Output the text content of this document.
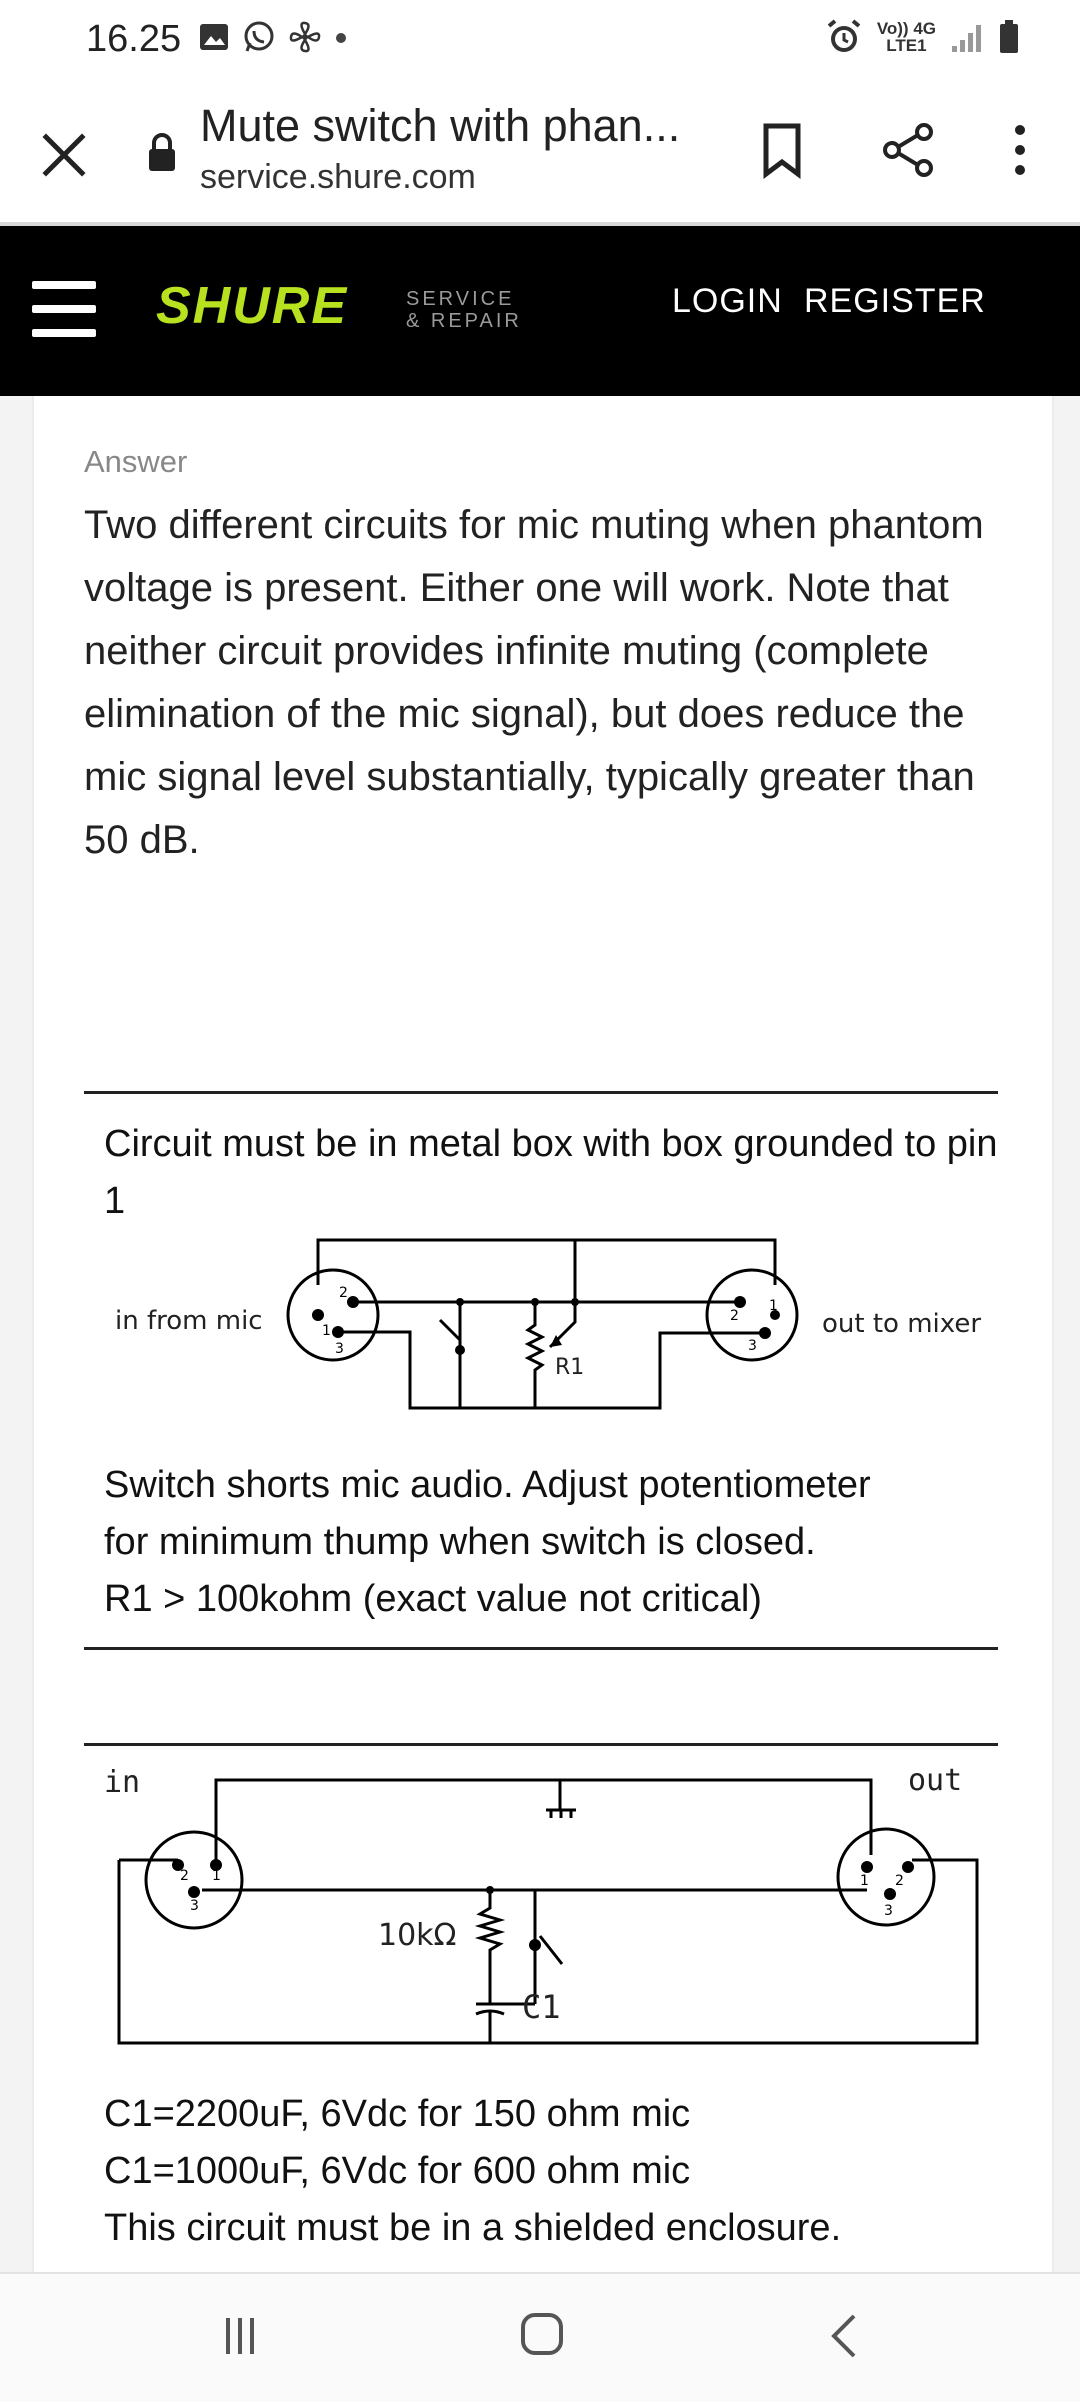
16.25	Vo)) 4G
LTE1
Mute switch with phan...
service.shure.com
SHURE	SERVICE
& REPAIR
LOGIN REGISTER
Answer
Two different circuits for mic muting when phantom voltage is present. Either one will work. Note that neither circuit provides infinite muting (complete elimination of the mic signal), but does reduce the mic signal level substantially, typically greater than 50 dB.
Circuit must be in metal box with box grounded to pin 1
2
1
3
2
1
3
in from mic	out to mixer
R1
Switch shorts mic audio. Adjust potentiometer
for minimum thump when switch is closed.
R1 > 100kohm (exact value not critical)
2 1
3
2
1
3
in	out
10kΩ
C1
C1=2200uF, 6Vdc for 150 ohm mic
C1=1000uF, 6Vdc for 600 ohm mic
This circuit must be in a shielded enclosure.
